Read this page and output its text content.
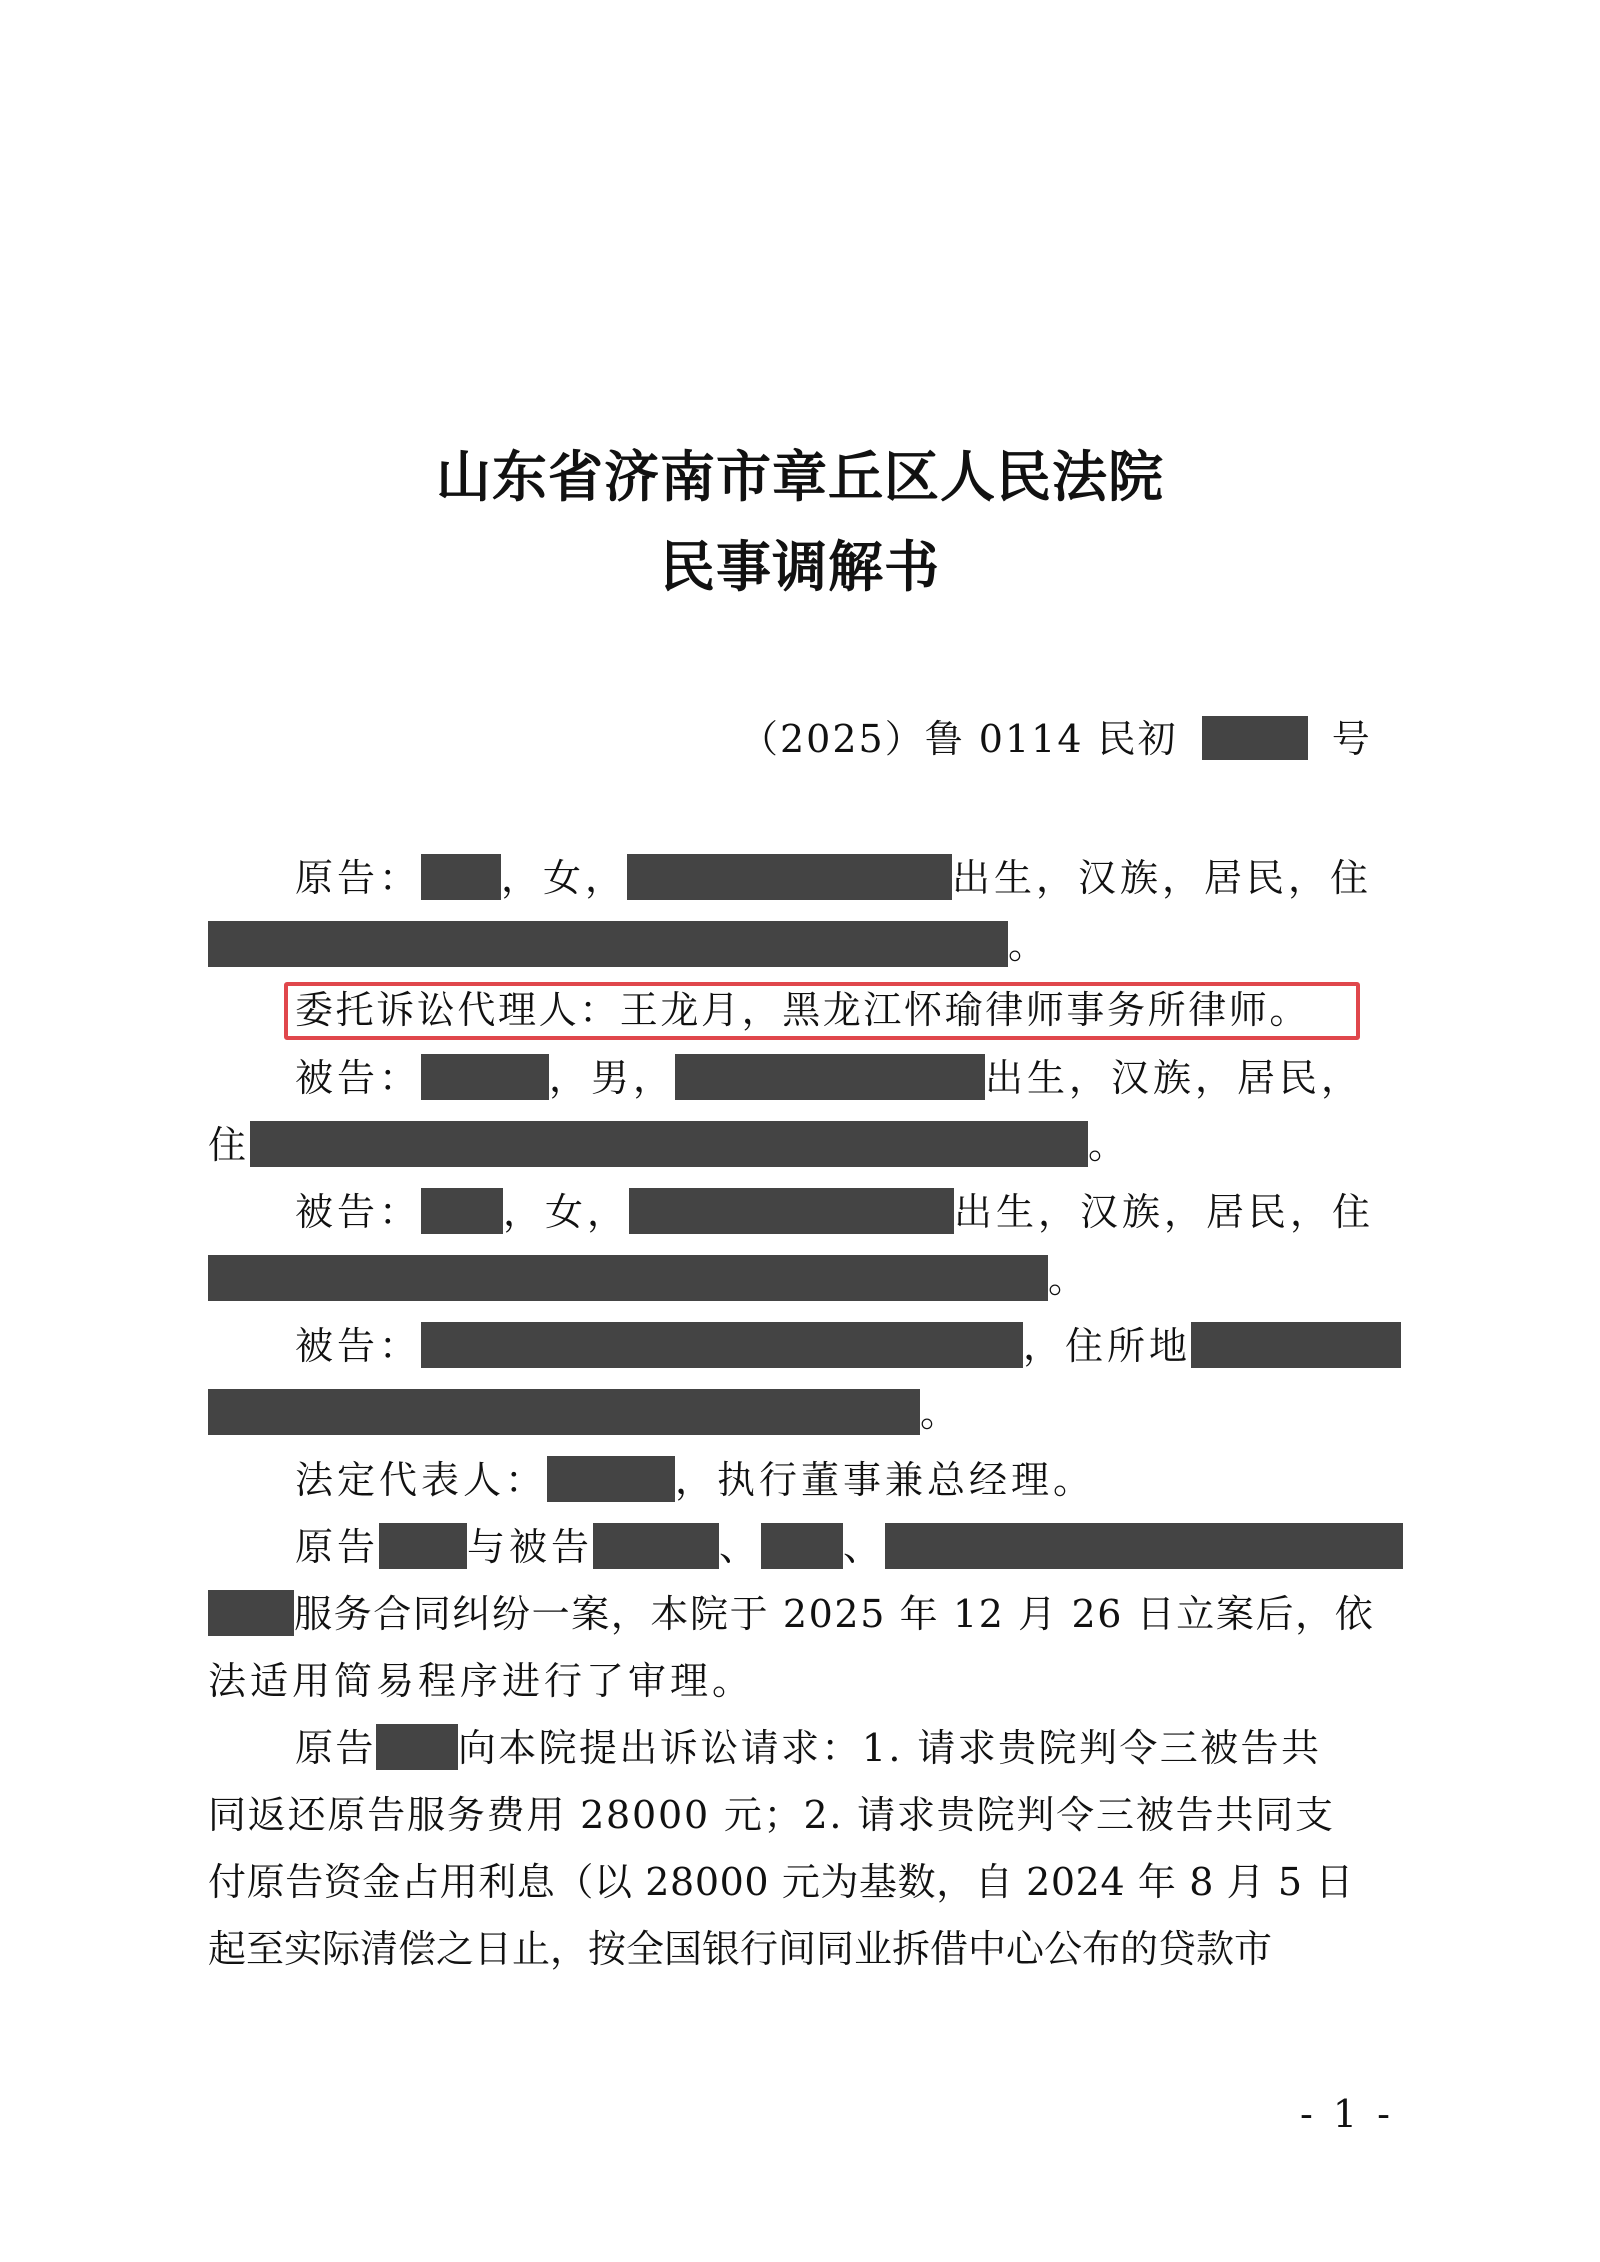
山东省济南市章丘区人民法院
民事调解书
（2025）鲁 0114 民初	号
原告： ，女，	出生，汉族，居民，住
。
委托诉讼代理人：王龙月，黑龙江怀瑜律师事务所律师。
被告：	，男，	出生，汉族，居民，
住	。
被告： ，女，	出生，汉族，居民，住
。
被告：	，住所地
。
法定代表人：	，执行董事兼总经理。
原告 与被告	、 、
服务合同纠纷一案，本院于 2025 年 12 月 26 日立案后，依
法适用简易程序进行了审理。
原告 向本院提出诉讼请求：1. 请求贵院判令三被告共
同返还原告服务费用 28000 元；2. 请求贵院判令三被告共同支
付原告资金占用利息（以 28000 元为基数，自 2024 年 8 月 5 日
起至实际清偿之日止，按全国银行间同业拆借中心公布的贷款市
- 1 -
